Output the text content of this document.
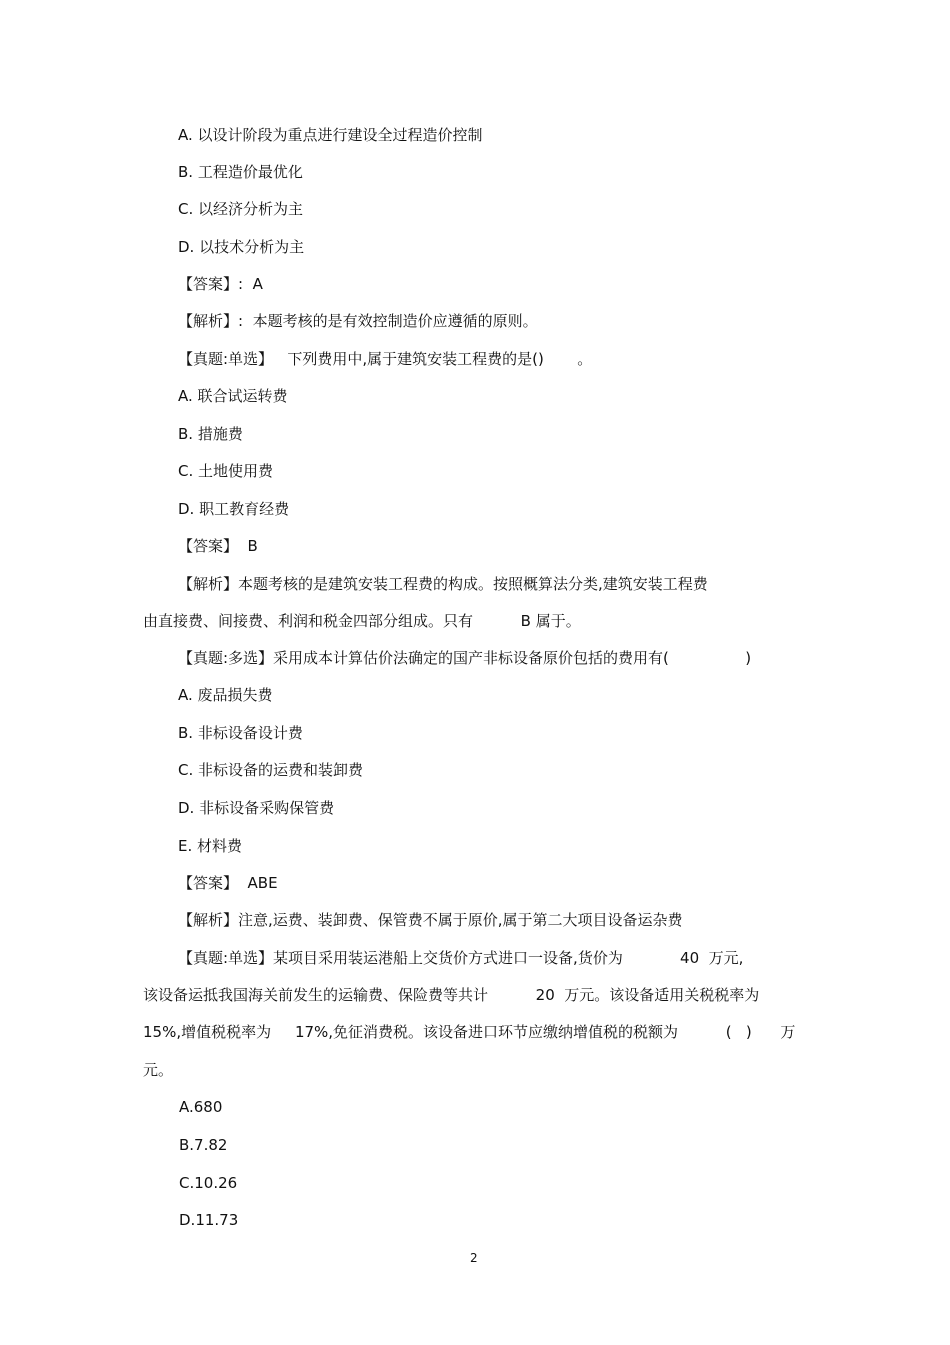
A. 以设计阶段为重点进行建设全过程造价控制
B. 工程造价最优化
C. 以经济分析为主
D. 以技术分析为主
【答案】:  A
【解析】:  本题考核的是有效控制造价应遵循的原则。
【真题:单选】   下列费用中,属于建筑安装工程费的是()       。
A. 联合试运转费
B. 措施费
C. 土地使用费
D. 职工教育经费
【答案】  B
【解析】本题考核的是建筑安装工程费的构成。按照概算法分类,建筑安装工程费
由直接费、间接费、利润和税金四部分组成。只有          B 属于。
【真题:多选】采用成本计算估价法确定的国产非标设备原价包括的费用有(                )
A. 废品损失费
B. 非标设备设计费
C. 非标设备的运费和装卸费
D. 非标设备采购保管费
E. 材料费
【答案】  ABE
【解析】注意,运费、装卸费、保管费不属于原价,属于第二大项目设备运杂费
【真题:单选】某项目采用装运港船上交货价方式进口一设备,货价为            40  万元,
该设备运抵我国海关前发生的运输费、保险费等共计          20  万元。该设备适用关税税率为
15%,增值税税率为     17%,免征消费税。该设备进口环节应缴纳增值税的税额为          (   )      万
元。
A.680
B.7.82
C.10.26
D.11.73
2
